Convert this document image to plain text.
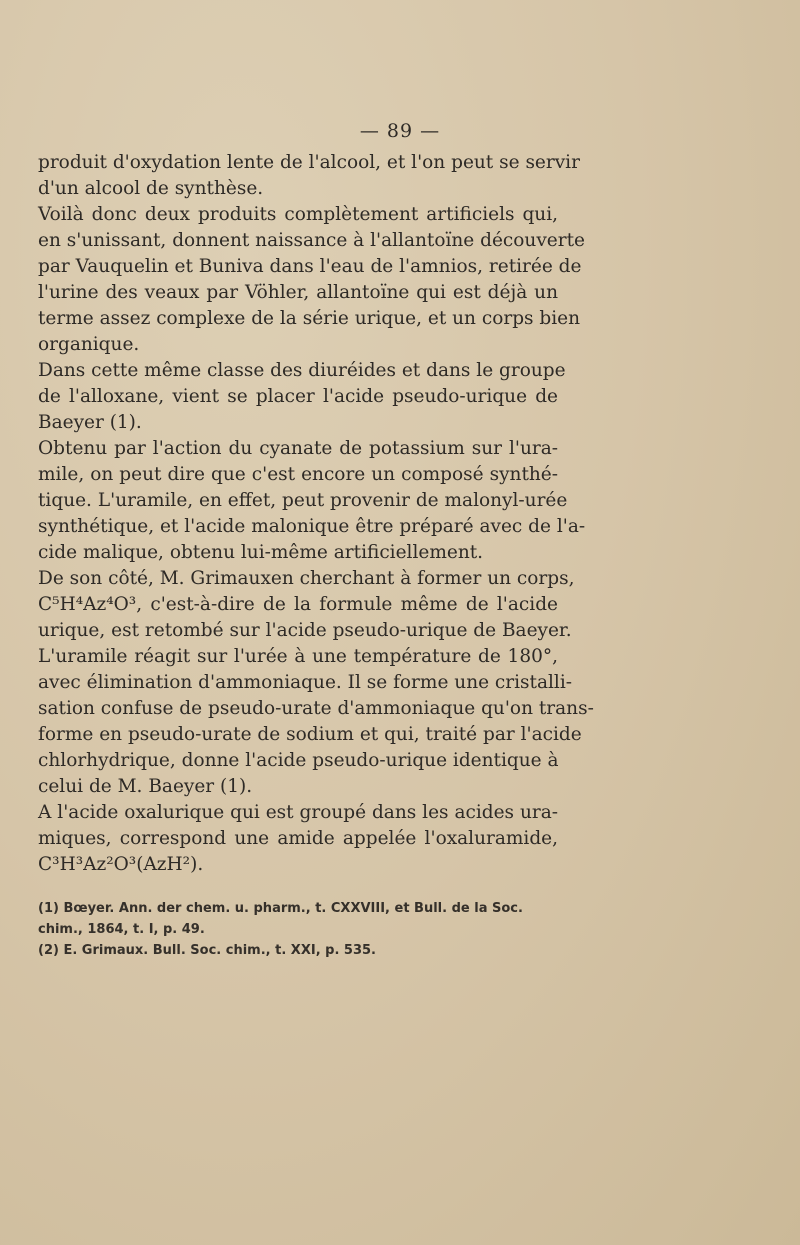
— 89 —
produit d'oxydation lente de l'alcool, et l'on peut se servir
d'un alcool de synthèse.
Voilà donc deux produits complètement artificiels qui,
en s'unissant, donnent naissance à l'allantoïne découverte
par Vauquelin et Buniva dans l'eau de l'amnios, retirée de
l'urine des veaux par Vöhler, allantoïne qui est déjà un
terme assez complexe de la série urique, et un corps bien
organique.
Dans cette même classe des diuréides et dans le groupe
de l'alloxane, vient se placer l'acide pseudo-urique de
Baeyer (1).
Obtenu par l'action du cyanate de potassium sur l'ura-
mile, on peut dire que c'est encore un composé synthé-
tique. L'uramile, en effet, peut provenir de malonyl-urée
synthétique, et l'acide malonique être préparé avec de l'a-
cide malique, obtenu lui-même artificiellement.
De son côté, M. Grimauxen cherchant à former un corps,
C⁵H⁴Az⁴O³, c'est-à-dire de la formule même de l'acide
urique, est retombé sur l'acide pseudo-urique de Baeyer.
L'uramile réagit sur l'urée à une température de 180°,
avec élimination d'ammoniaque. Il se forme une cristalli-
sation confuse de pseudo-urate d'ammoniaque qu'on trans-
forme en pseudo-urate de sodium et qui, traité par l'acide
chlorhydrique, donne l'acide pseudo-urique identique à
celui de M. Baeyer (1).
A l'acide oxalurique qui est groupé dans les acides ura-
miques, correspond une amide appelée l'oxaluramide,
C³H³Az²O³(AzH²).
(1) Bœyer. Ann. der chem. u. pharm., t. CXXVIII, et Bull. de la Soc.
chim., 1864, t. I, p. 49.
(2) E. Grimaux. Bull. Soc. chim., t. XXI, p. 535.
